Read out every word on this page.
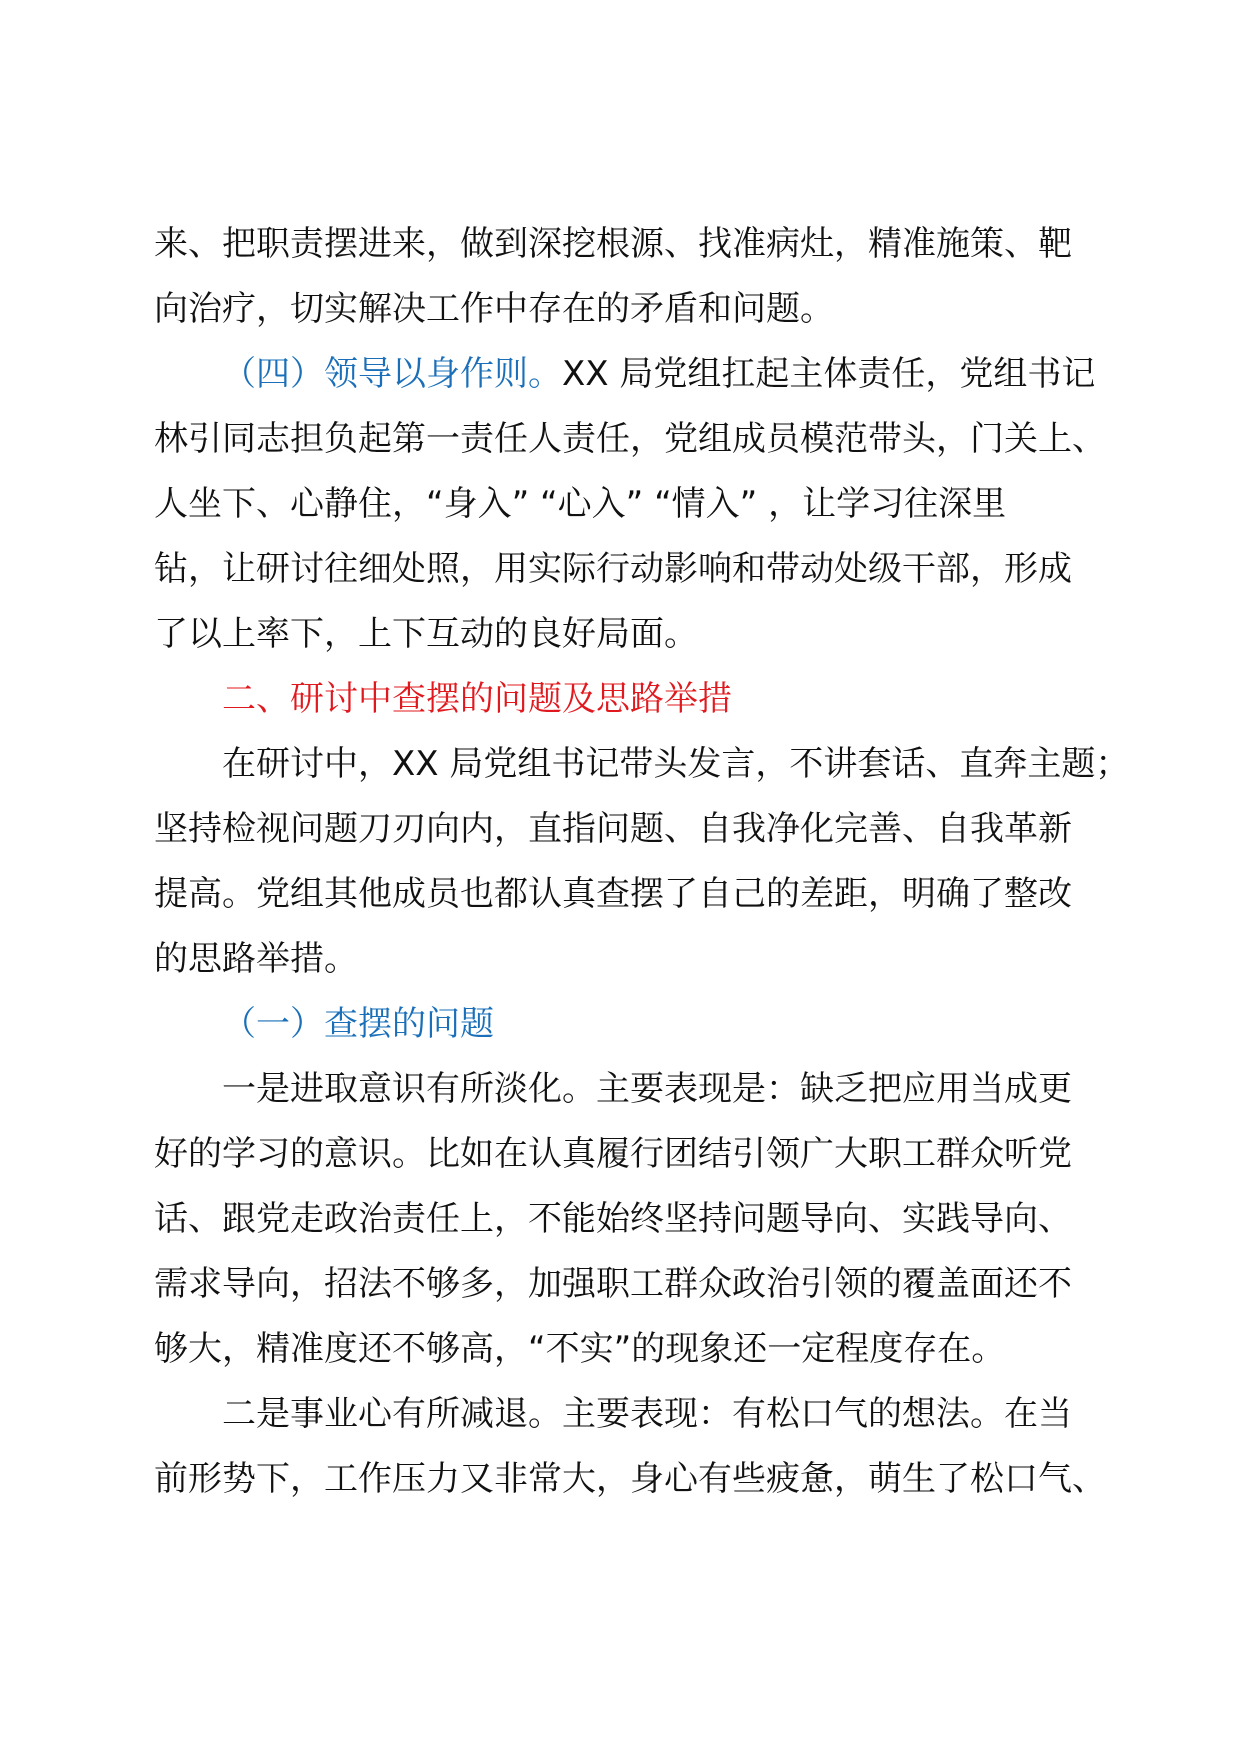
来、把职责摆进来，做到深挖根源、找准病灶，精准施策、靶
向治疗，切实解决工作中存在的矛盾和问题。

（四）领导以身作则。XX 局党组扛起主体责任，党组书记
林引同志担负起第一责任人责任，党组成员模范带头，门关上、
人坐下、心静住，“身入” “心入” “情入” ，让学习往深里
钻，让研讨往细处照，用实际行动影响和带动处级干部，形成
了以上率下，上下互动的良好局面。

二、研讨中查摆的问题及思路举措

在研讨中，XX 局党组书记带头发言，不讲套话、直奔主题；
坚持检视问题刀刃向内，直指问题、自我净化完善、自我革新
提高。党组其他成员也都认真查摆了自己的差距，明确了整改
的思路举措。

（一）查摆的问题

一是进取意识有所淡化。主要表现是：缺乏把应用当成更
好的学习的意识。比如在认真履行团结引领广大职工群众听党
话、跟党走政治责任上，不能始终坚持问题导向、实践导向、
需求导向，招法不够多，加强职工群众政治引领的覆盖面还不
够大，精准度还不够高，“不实”的现象还一定程度存在。

二是事业心有所减退。主要表现：有松口气的想法。在当
前形势下，工作压力又非常大，身心有些疲惫，萌生了松口气、
